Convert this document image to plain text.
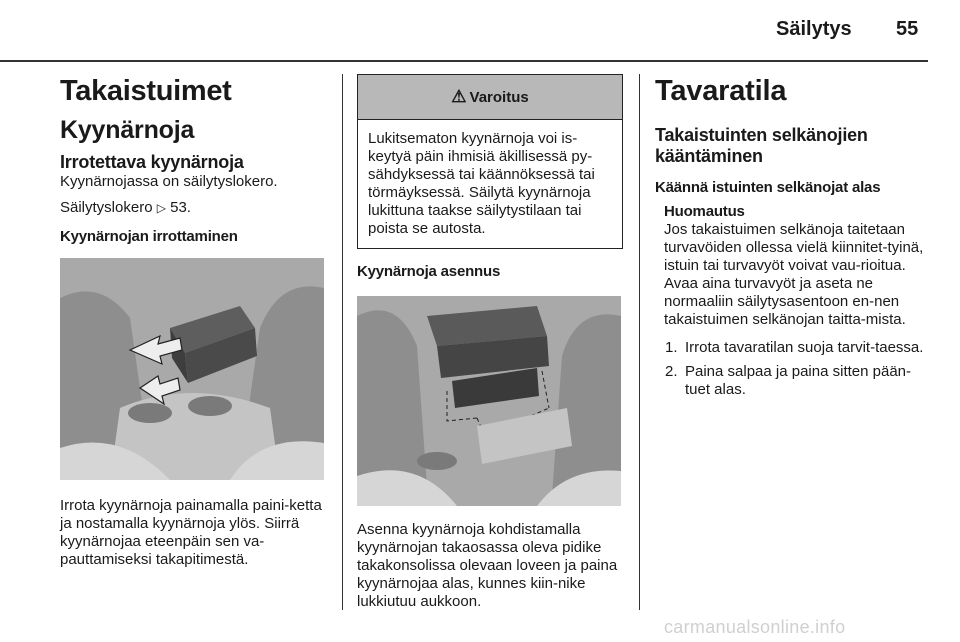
Säilytys 55
Takaistuimet
Kyynärnoja
Irrotettava kyynärnoja

Kyynärnojassa on säilytyslokero.

Säilytyslokero ▷ 53.

Kyynärnojan irrottaminen

Irrota kyynärnoja painamalla paini-ketta ja nostamalla kyynärnoja ylös. Siirrä kyynärnojaa eteenpäin sen va-pauttamiseksi takapitimestä.

⚠ Varoitus

Lukitsematon kyynärnoja voi is-keytyä päin ihmisiä äkillisessä py-sähdyksessä tai käännöksessä tai törmäyksessä. Säilytä kyynärnoja lukittuna taakse säilytystilaan tai poista se autosta.

Kyynärnoja asennus

Asenna kyynärnoja kohdistamalla kyynärnojan takaosassa oleva pidike takakonsolissa olevaan loveen ja paina kyynärnojaa alas, kunnes kiin-nike lukkiutuu aukkoon.

Tavaratila
Takaistuinten selkänojien kääntäminen
Käännä istuinten selkänojat alas
Huomautus

Jos takaistuimen selkänoja taitetaan turvavöiden ollessa vielä kiinnitet-tyinä, istuin tai turvavyöt voivat vau-rioitua. Avaa aina turvavyöt ja aseta ne normaaliin säilytysasentoon en-nen takaistuimen selkänojan taitta-mista.

1. Irrota tavaratilan suoja tarvit-taessa.
2. Paina salpaa ja paina sitten pään-tuet alas.
carmanualsonline.info
